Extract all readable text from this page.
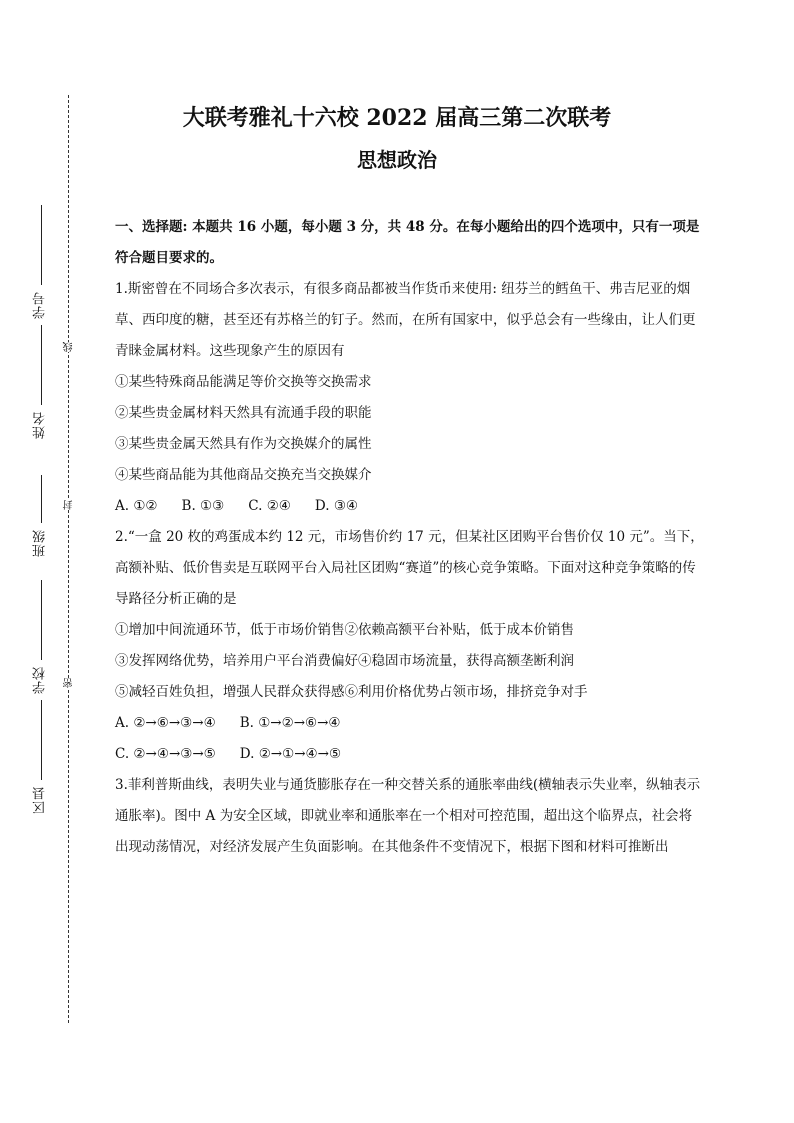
学号
姓名
班级
学校
区县
线
封
密
大联考雅礼十六校 2022 届高三第二次联考
思想政治

一、选择题: 本题共 16 小题，每小题 3 分，共 48 分。在每小题给出的四个选项中，只有一项是符合题目要求的。

1.斯密曾在不同场合多次表示，有很多商品都被当作货币来使用: 纽芬兰的鳕鱼干、弗吉尼亚的烟草、西印度的糖，甚至还有苏格兰的钉子。然而，在所有国家中，似乎总会有一些缘由，让人们更青睐金属材料。这些现象产生的原因有

①某些特殊商品能满足等价交换等交换需求

②某些贵金属材料天然具有流通手段的职能

③某些贵金属天然具有作为交换媒介的属性

④某些商品能为其他商品交换充当交换媒介

A. ①② B. ①③ C. ②④ D. ③④

2.“一盒 20 枚的鸡蛋成本约 12 元，市场售价约 17 元，但某社区团购平台售价仅 10 元”。当下，高额补贴、低价售卖是互联网平台入局社区团购“赛道”的核心竞争策略。下面对这种竞争策略的传导路径分析正确的是

①增加中间流通环节，低于市场价销售②依赖高额平台补贴，低于成本价销售

③发挥网络优势，培养用户平台消费偏好④稳固市场流量，获得高额垄断利润

⑤减轻百姓负担，增强人民群众获得感⑥利用价格优势占领市场，排挤竞争对手

A. ②→⑥→③→④ B. ①→②→⑥→④
C. ②→④→③→⑤ D. ②→①→④→⑤

3.菲利普斯曲线，表明失业与通货膨胀存在一种交替关系的通胀率曲线(横轴表示失业率，纵轴表示通胀率)。图中 A 为安全区域，即就业率和通胀率在一个相对可控范围，超出这个临界点，社会将出现动荡情况，对经济发展产生负面影响。在其他条件不变情况下，根据下图和材料可推断出
